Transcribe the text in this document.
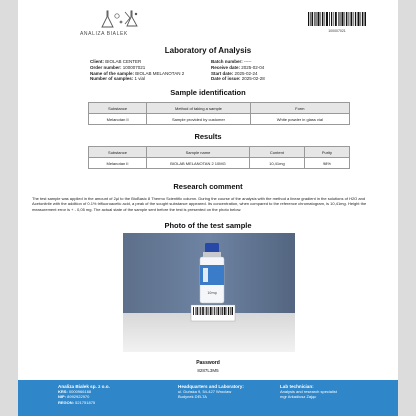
ANALIZA BIALEK	100007021
Laboratory of Analysis
Client: BIOLAB CENTER
Order number: 100007021
Name of the sample: BIOLAB MELANOTAN 2
Number of samples: 1 vial
Batch number: -----
Receive date: 2025-02-04
Start date: 2025-02-24
Date of issue: 2025-02-28
Sample identification
Substance	Method of taking a sample	Form
Melanotan II	Sample provided by customer	White powder in glass vial
Results
Substance	Sample name	Content	Purity
Melanotan II	BIOLAB MELANOTAN 2 10MG	10,41mg	98%
Research comment
The test sample was applied in the amount of 2µl to the BioBasic 8 Thermo Scientific column. During the course of the analysis with the method a linear gradient in the solutions of H2O and Acetonitrile with the addition of 0.1% trifluoroacetic acid, a peak of the sought substance appeared. Its concentration, when compared to the reference chromatogram, is 10,41mg. Height the measurement error is + - 0,05 mg. The actual state of the sample sent before the test is presented on the photo below.
Photo of the test sample
10mg
Password
8287L3M5
Analiza Bialek sp. z o.o.
KRS: 0000966168
NIP: 8992922970
REGON: 521751875
Headquarters and Laboratory:
ul. Duńska 9, 54-427 Wroclaw
Budynek DELTA
Lab technician:
Analysis and research specialist
mgr Arkadiusz Zając
